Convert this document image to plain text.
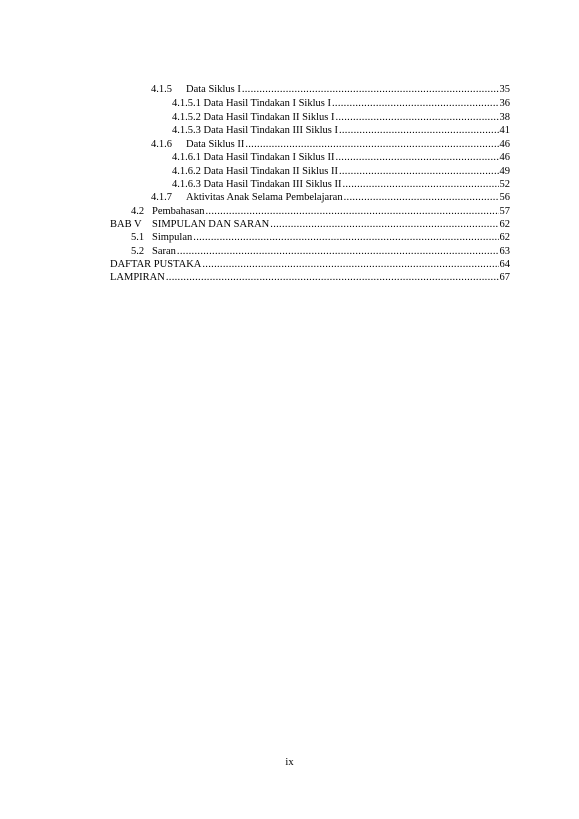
4.1.5	Data Siklus I .....	35
4.1.5.1 Data Hasil Tindakan I Siklus I .....	36
4.1.5.2 Data Hasil Tindakan II Siklus I .....	38
4.1.5.3 Data Hasil Tindakan III Siklus I .....	41
4.1.6	Data Siklus II .....	46
4.1.6.1 Data Hasil Tindakan I Siklus II .....	46
4.1.6.2 Data Hasil Tindakan II Siklus II .....	49
4.1.6.3 Data Hasil Tindakan III Siklus II .....	52
4.1.7	Aktivitas Anak Selama Pembelajaran .....	56
4.2 Pembahasan .....	57
BAB V SIMPULAN DAN SARAN .....	62
5.1 Simpulan .....	62
5.2 Saran .....	63
DAFTAR PUSTAKA .....	64
LAMPIRAN .....	67
ix
